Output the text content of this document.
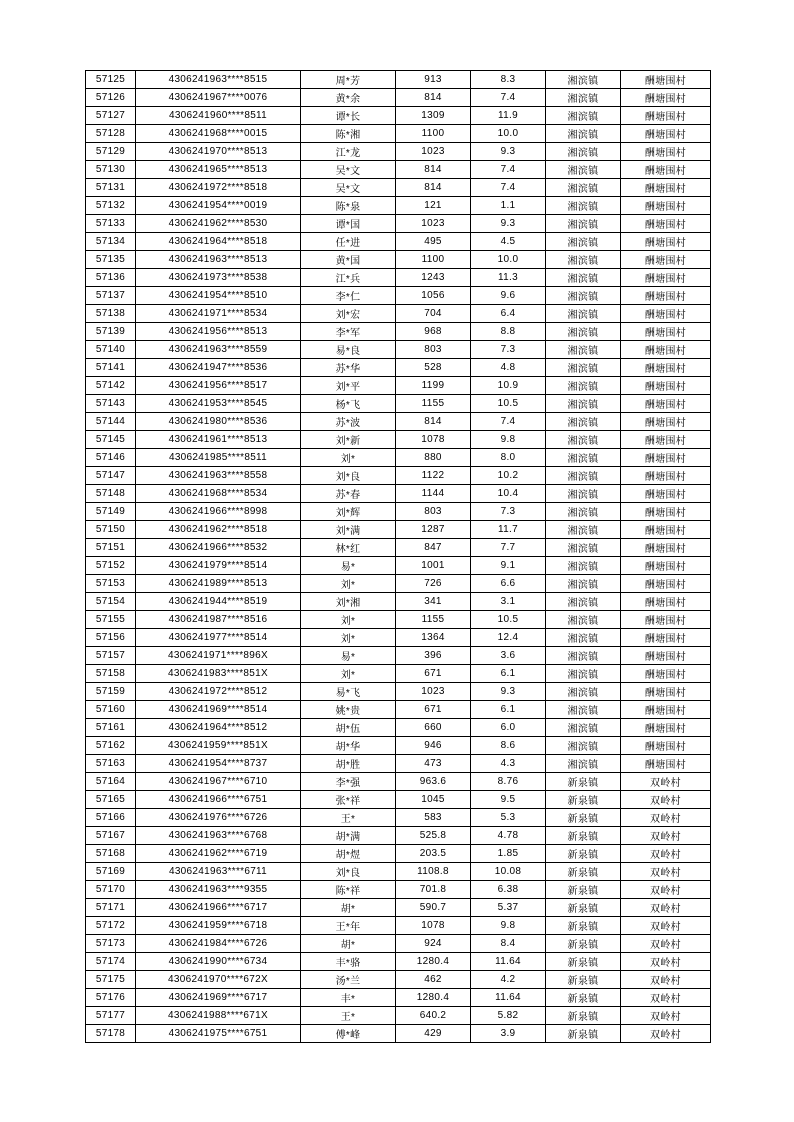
57125	4306241963****8515	周*芳	913	8.3	湘滨镇	酬塘围村
57126	4306241967****0076	黄*余	814	7.4	湘滨镇	酬塘围村
57127	4306241960****8511	谭*长	1309	11.9	湘滨镇	酬塘围村
57128	4306241968****0015	陈*湘	1100	10.0	湘滨镇	酬塘围村
57129	4306241970****8513	江*龙	1023	9.3	湘滨镇	酬塘围村
57130	4306241965****8513	吴*文	814	7.4	湘滨镇	酬塘围村
57131	4306241972****8518	吴*文	814	7.4	湘滨镇	酬塘围村
57132	4306241954****0019	陈*泉	121	1.1	湘滨镇	酬塘围村
57133	4306241962****8530	谭*国	1023	9.3	湘滨镇	酬塘围村
57134	4306241964****8518	任*进	495	4.5	湘滨镇	酬塘围村
57135	4306241963****8513	黄*国	1100	10.0	湘滨镇	酬塘围村
57136	4306241973****8538	江*兵	1243	11.3	湘滨镇	酬塘围村
57137	4306241954****8510	李*仁	1056	9.6	湘滨镇	酬塘围村
57138	4306241971****8534	刘*宏	704	6.4	湘滨镇	酬塘围村
57139	4306241956****8513	李*军	968	8.8	湘滨镇	酬塘围村
57140	4306241963****8559	易*良	803	7.3	湘滨镇	酬塘围村
57141	4306241947****8536	苏*华	528	4.8	湘滨镇	酬塘围村
57142	4306241956****8517	刘*平	1199	10.9	湘滨镇	酬塘围村
57143	4306241953****8545	杨*飞	1155	10.5	湘滨镇	酬塘围村
57144	4306241980****8536	苏*波	814	7.4	湘滨镇	酬塘围村
57145	4306241961****8513	刘*新	1078	9.8	湘滨镇	酬塘围村
57146	4306241985****8511	刘*	880	8.0	湘滨镇	酬塘围村
57147	4306241963****8558	刘*良	1122	10.2	湘滨镇	酬塘围村
57148	4306241968****8534	苏*春	1144	10.4	湘滨镇	酬塘围村
57149	4306241966****8998	刘*辉	803	7.3	湘滨镇	酬塘围村
57150	4306241962****8518	刘*满	1287	11.7	湘滨镇	酬塘围村
57151	4306241966****8532	林*红	847	7.7	湘滨镇	酬塘围村
57152	4306241979****8514	易*	1001	9.1	湘滨镇	酬塘围村
57153	4306241989****8513	刘*	726	6.6	湘滨镇	酬塘围村
57154	4306241944****8519	刘*湘	341	3.1	湘滨镇	酬塘围村
57155	4306241987****8516	刘*	1155	10.5	湘滨镇	酬塘围村
57156	4306241977****8514	刘*	1364	12.4	湘滨镇	酬塘围村
57157	4306241971****896X	易*	396	3.6	湘滨镇	酬塘围村
57158	4306241983****851X	刘*	671	6.1	湘滨镇	酬塘围村
57159	4306241972****8512	易*飞	1023	9.3	湘滨镇	酬塘围村
57160	4306241969****8514	姚*贵	671	6.1	湘滨镇	酬塘围村
57161	4306241964****8512	胡*伍	660	6.0	湘滨镇	酬塘围村
57162	4306241959****851X	胡*华	946	8.6	湘滨镇	酬塘围村
57163	4306241954****8737	胡*胜	473	4.3	湘滨镇	酬塘围村
57164	4306241967****6710	李*强	963.6	8.76	新泉镇	双岭村
57165	4306241966****6751	张*祥	1045	9.5	新泉镇	双岭村
57166	4306241976****6726	王*	583	5.3	新泉镇	双岭村
57167	4306241963****6768	胡*满	525.8	4.78	新泉镇	双岭村
57168	4306241962****6719	胡*煜	203.5	1.85	新泉镇	双岭村
57169	4306241963****6711	刘*良	1108.8	10.08	新泉镇	双岭村
57170	4306241963****9355	陈*祥	701.8	6.38	新泉镇	双岭村
57171	4306241966****6717	胡*	590.7	5.37	新泉镇	双岭村
57172	4306241959****6718	王*年	1078	9.8	新泉镇	双岭村
57173	4306241984****6726	胡*	924	8.4	新泉镇	双岭村
57174	4306241990****6734	丰*骆	1280.4	11.64	新泉镇	双岭村
57175	4306241970****672X	汤*兰	462	4.2	新泉镇	双岭村
57176	4306241969****6717	丰*	1280.4	11.64	新泉镇	双岭村
57177	4306241988****671X	王*	640.2	5.82	新泉镇	双岭村
57178	4306241975****6751	傅*峰	429	3.9	新泉镇	双岭村
